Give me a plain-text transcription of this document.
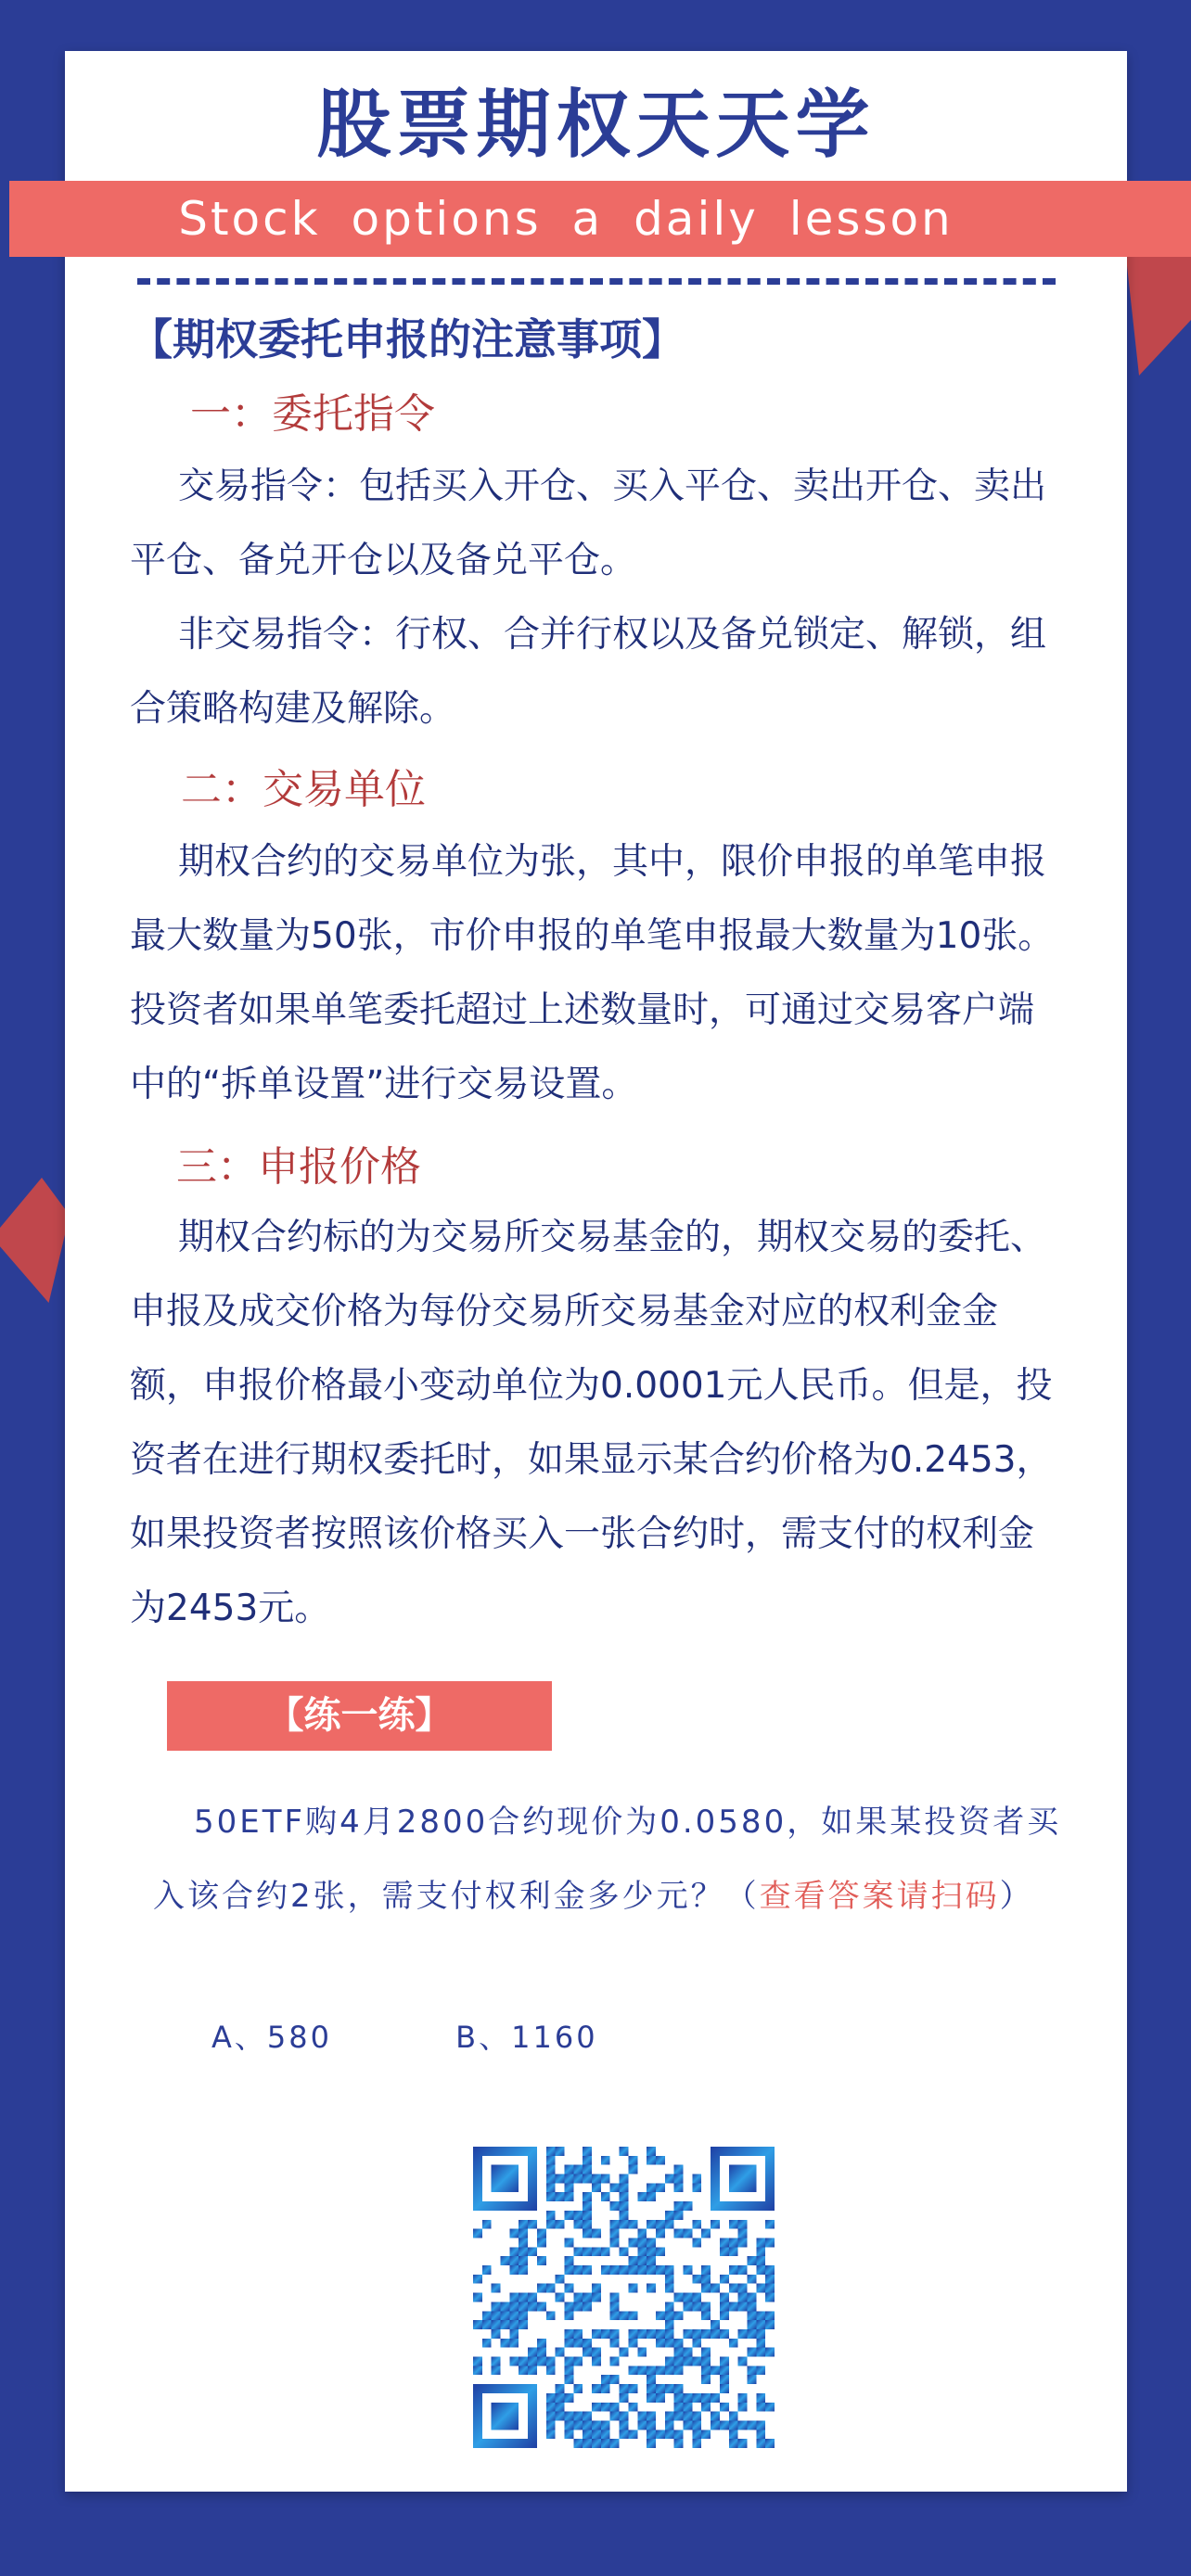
股票期权天天学
Stock options a daily lesson
【期权委托申报的注意事项】
一：委托指令
交易指令：包括买入开仓、买入平仓、卖出开仓、卖出平仓、备兑开仓以及备兑平仓。
非交易指令：行权、合并行权以及备兑锁定、解锁，组合策略构建及解除。
二：交易单位
期权合约的交易单位为张，其中，限价申报的单笔申报最大数量为50张，市价申报的单笔申报最大数量为10张。投资者如果单笔委托超过上述数量时，可通过交易客户端中的“拆单设置”进行交易设置。
三：申报价格
期权合约标的为交易所交易基金的，期权交易的委托、申报及成交价格为每份交易所交易基金对应的权利金金额，申报价格最小变动单位为0.0001元人民币。但是，投资者在进行期权委托时，如果显示某合约价格为0.2453，如果投资者按照该价格买入一张合约时，需支付的权利金为2453元。
【练一练】
50ETF购4月2800合约现价为0.0580，如果某投资者买入该合约2张，需支付权利金多少元？（查看答案请扫码）
A、580	B、1160
